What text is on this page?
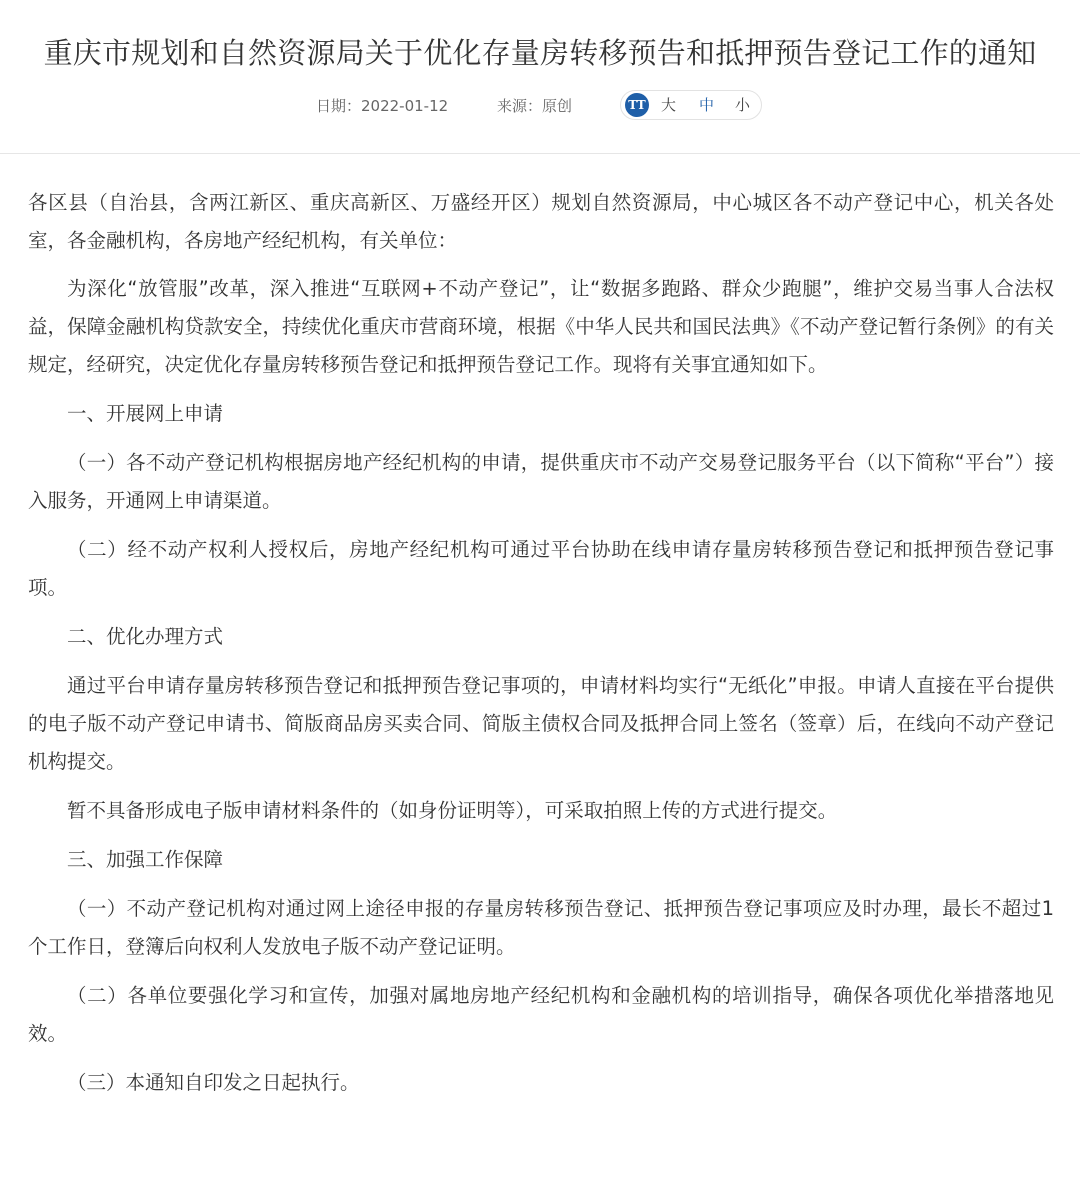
重庆市规划和自然资源局关于优化存量房转移预告和抵押预告登记工作的通知
日期：2022-01-12	来源：原创	TT 大 中 小

各区县（自治县，含两江新区、重庆高新区、万盛经开区）规划自然资源局，中心城区各不动产登记中心，机关各处室，各金融机构，各房地产经纪机构，有关单位：

为深化“放管服”改革，深入推进“互联网+不动产登记”，让“数据多跑路、群众少跑腿”，维护交易当事人合法权益，保障金融机构贷款安全，持续优化重庆市营商环境，根据《中华人民共和国民法典》《不动产登记暂行条例》的有关规定，经研究，决定优化存量房转移预告登记和抵押预告登记工作。现将有关事宜通知如下。

一、开展网上申请

（一）各不动产登记机构根据房地产经纪机构的申请，提供重庆市不动产交易登记服务平台（以下简称“平台”）接入服务，开通网上申请渠道。

（二）经不动产权利人授权后，房地产经纪机构可通过平台协助在线申请存量房转移预告登记和抵押预告登记事项。

二、优化办理方式

通过平台申请存量房转移预告登记和抵押预告登记事项的，申请材料均实行“无纸化”申报。申请人直接在平台提供的电子版不动产登记申请书、简版商品房买卖合同、简版主债权合同及抵押合同上签名（签章）后，在线向不动产登记机构提交。

暂不具备形成电子版申请材料条件的（如身份证明等），可采取拍照上传的方式进行提交。

三、加强工作保障

（一）不动产登记机构对通过网上途径申报的存量房转移预告登记、抵押预告登记事项应及时办理，最长不超过1个工作日，登簿后向权利人发放电子版不动产登记证明。

（二）各单位要强化学习和宣传，加强对属地房地产经纪机构和金融机构的培训指导，确保各项优化举措落地见效。

（三）本通知自印发之日起执行。
